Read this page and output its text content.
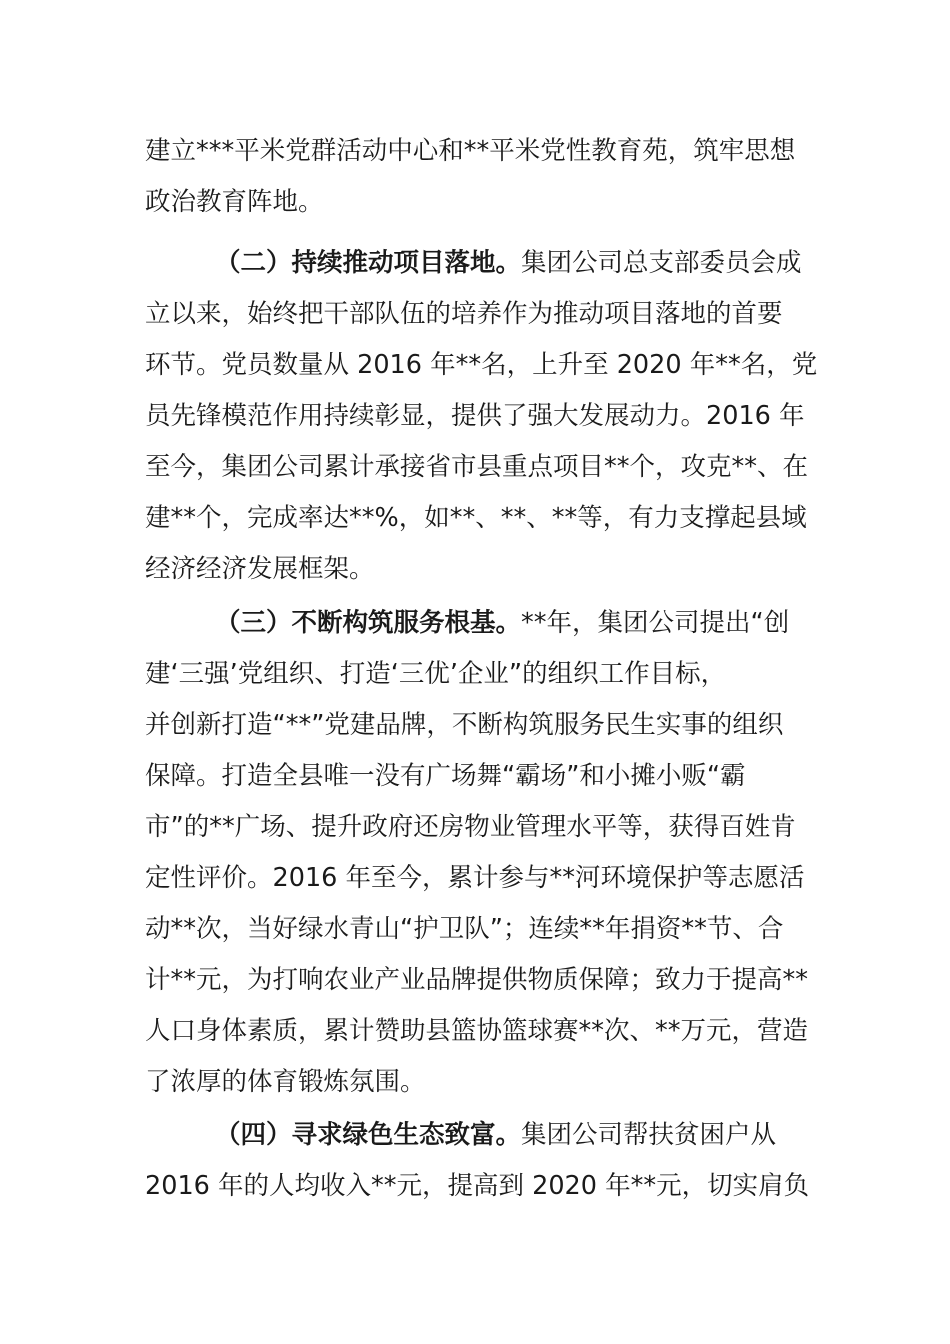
建立***平米党群活动中心和**平米党性教育苑，筑牢思想
政治教育阵地。
（二）持续推动项目落地。集团公司总支部委员会成
立以来，始终把干部队伍的培养作为推动项目落地的首要
环节。党员数量从 2016 年**名，上升至 2020 年**名，党
员先锋模范作用持续彰显，提供了强大发展动力。2016 年
至今，集团公司累计承接省市县重点项目**个，攻克**、在
建**个，完成率达**%，如**、**、**等，有力支撑起县域
经济经济发展框架。
（三）不断构筑服务根基。**年，集团公司提出“创
建‘三强’党组织、打造‘三优’企业”的组织工作目标，
并创新打造“**”党建品牌，不断构筑服务民生实事的组织
保障。打造全县唯一没有广场舞“霸场”和小摊小贩“霸
市”的**广场、提升政府还房物业管理水平等，获得百姓肯
定性评价。2016 年至今，累计参与**河环境保护等志愿活
动**次，当好绿水青山“护卫队”；连续**年捐资**节、合
计**元，为打响农业产业品牌提供物质保障；致力于提高**
人口身体素质，累计赞助县篮协篮球赛**次、**万元，营造
了浓厚的体育锻炼氛围。
（四）寻求绿色生态致富。集团公司帮扶贫困户从
2016 年的人均收入**元，提高到 2020 年**元，切实肩负
